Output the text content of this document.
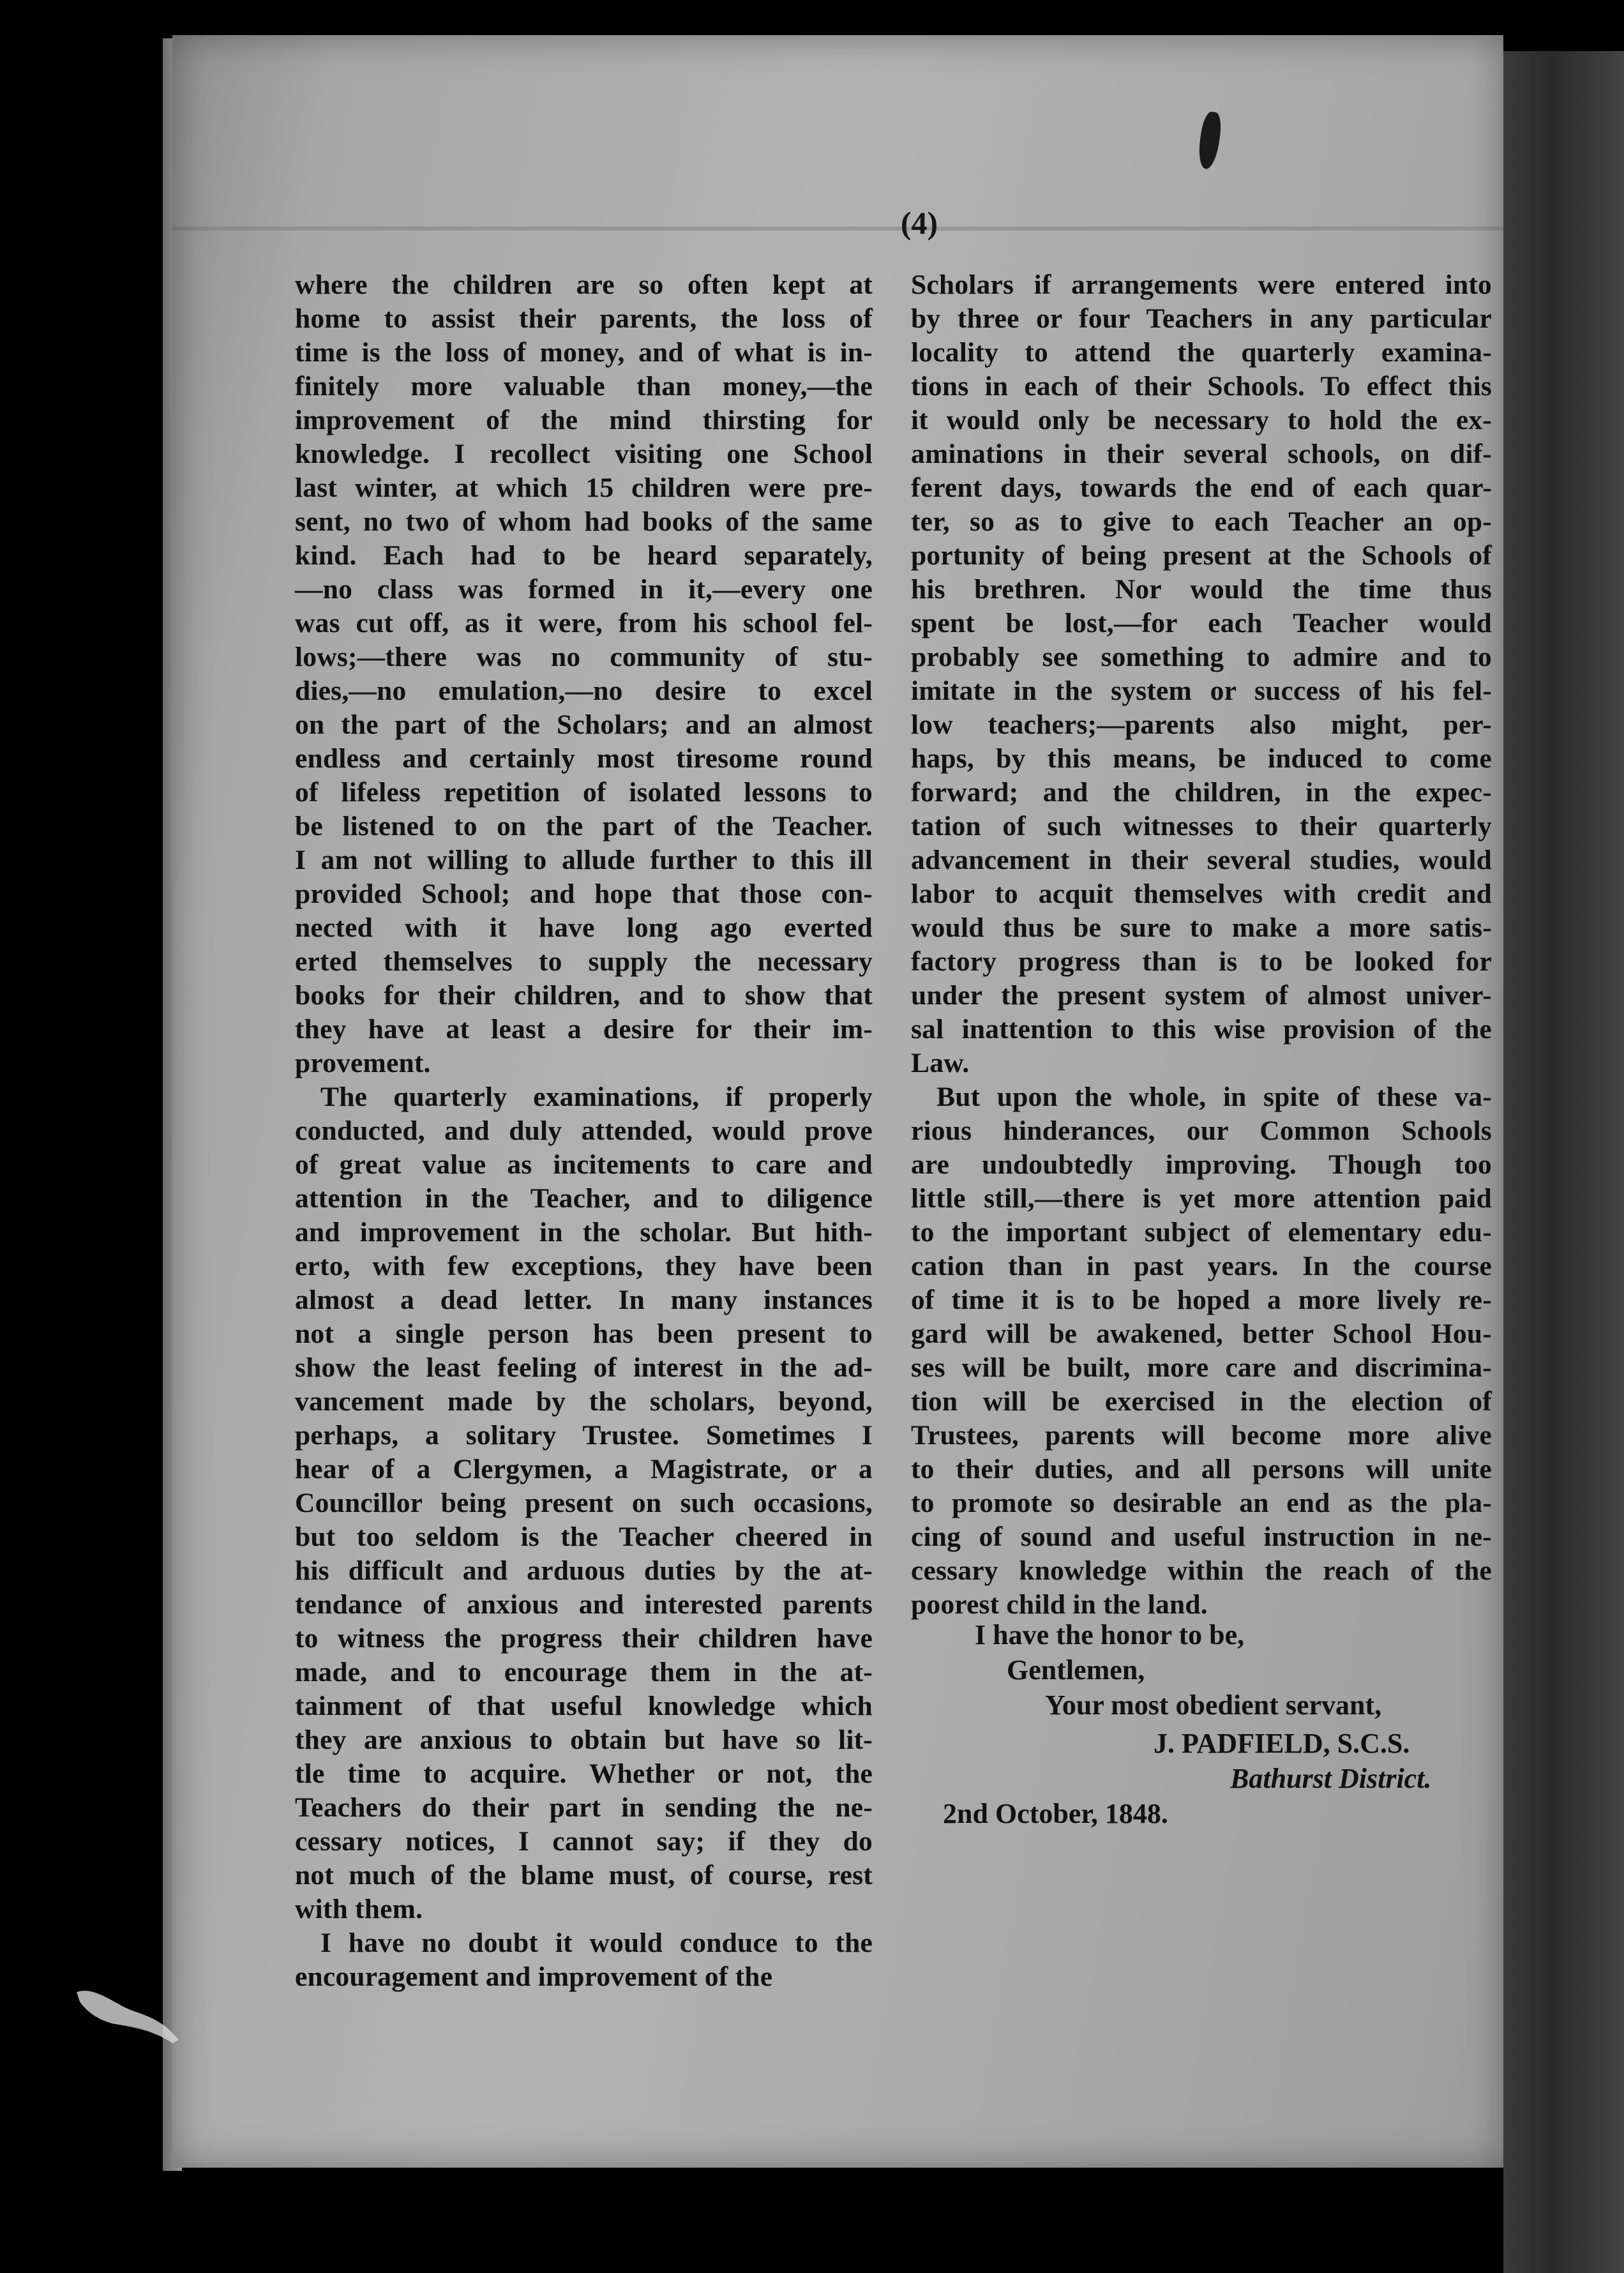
(4)
where the children are so often kept at
home to assist their parents, the loss of
time is the loss of money, and of what is in-
finitely more valuable than money,—the
improvement of the mind thirsting for
knowledge. I recollect visiting one School
last winter, at which 15 children were pre-
sent, no two of whom had books of the same
kind. Each had to be heard separately,
—no class was formed in it,—every one
was cut off, as it were, from his school fel-
lows;—there was no community of stu-
dies,—no emulation,—no desire to excel
on the part of the Scholars; and an almost
endless and certainly most tiresome round
of lifeless repetition of isolated lessons to
be listened to on the part of the Teacher.
I am not willing to allude further to this ill
provided School; and hope that those con-
nected with it have long ago everted
erted themselves to supply the necessary
books for their children, and to show that
they have at least a desire for their im-
provement.
The quarterly examinations, if properly
conducted, and duly attended, would prove
of great value as incitements to care and
attention in the Teacher, and to diligence
and improvement in the scholar. But hith-
erto, with few exceptions, they have been
almost a dead letter. In many instances
not a single person has been present to
show the least feeling of interest in the ad-
vancement made by the scholars, beyond,
perhaps, a solitary Trustee. Sometimes I
hear of a Clergymen, a Magistrate, or a
Councillor being present on such occasions,
but too seldom is the Teacher cheered in
his difficult and arduous duties by the at-
tendance of anxious and interested parents
to witness the progress their children have
made, and to encourage them in the at-
tainment of that useful knowledge which
they are anxious to obtain but have so lit-
tle time to acquire. Whether or not, the
Teachers do their part in sending the ne-
cessary notices, I cannot say; if they do
not much of the blame must, of course, rest
with them.
I have no doubt it would conduce to the
encouragement and improvement of the
Scholars if arrangements were entered into
by three or four Teachers in any particular
locality to attend the quarterly examina-
tions in each of their Schools. To effect this
it would only be necessary to hold the ex-
aminations in their several schools, on dif-
ferent days, towards the end of each quar-
ter, so as to give to each Teacher an op-
portunity of being present at the Schools of
his brethren. Nor would the time thus
spent be lost,—for each Teacher would
probably see something to admire and to
imitate in the system or success of his fel-
low teachers;—parents also might, per-
haps, by this means, be induced to come
forward; and the children, in the expec-
tation of such witnesses to their quarterly
advancement in their several studies, would
labor to acquit themselves with credit and
would thus be sure to make a more satis-
factory progress than is to be looked for
under the present system of almost univer-
sal inattention to this wise provision of the
Law.
But upon the whole, in spite of these va-
rious hinderances, our Common Schools
are undoubtedly improving. Though too
little still,—there is yet more attention paid
to the important subject of elementary edu-
cation than in past years. In the course
of time it is to be hoped a more lively re-
gard will be awakened, better School Hou-
ses will be built, more care and discrimina-
tion will be exercised in the election of
Trustees, parents will become more alive
to their duties, and all persons will unite
to promote so desirable an end as the pla-
cing of sound and useful instruction in ne-
cessary knowledge within the reach of the
poorest child in the land.
I have the honor to be,
Gentlemen,
Your most obedient servant,
J. PADFIELD, S.C.S.
Bathurst District.
2nd October, 1848.
